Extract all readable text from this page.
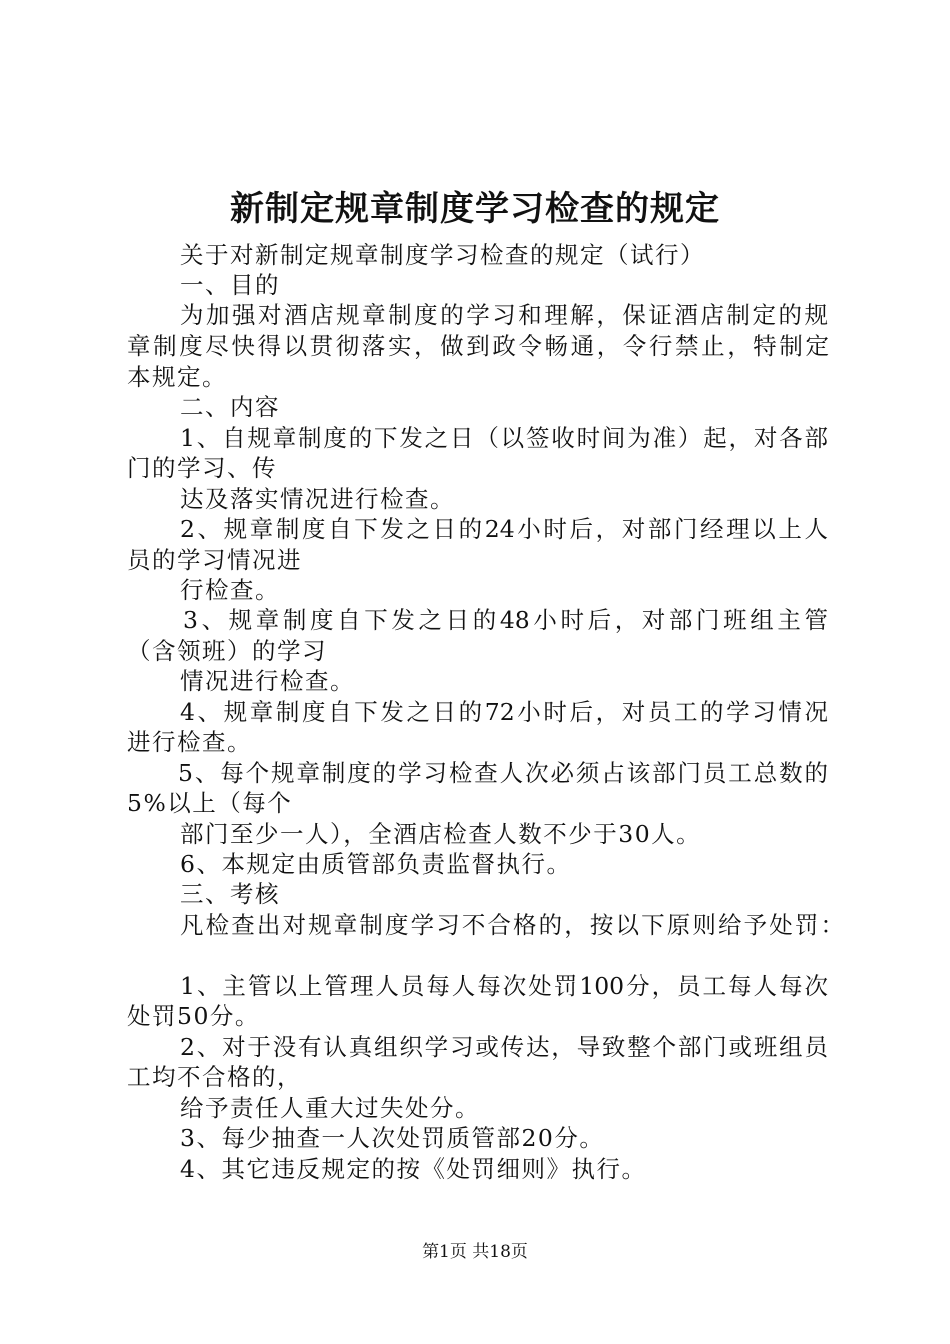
新制定规章制度学习检查的规定
关于对新制定规章制度学习检查的规定（试行）
一、目的
为加强对酒店规章制度的学习和理解，保证酒店制定的规
章制度尽快得以贯彻落实，做到政令畅通，令行禁止，特制定
本规定。
二、内容
1、自规章制度的下发之日（以签收时间为准）起，对各部
门的学习、传
达及落实情况进行检查。
2、规章制度自下发之日的24小时后，对部门经理以上人
员的学习情况进
行检查。
3、规章制度自下发之日的48小时后，对部门班组主管
（含领班）的学习
情况进行检查。
4、规章制度自下发之日的72小时后，对员工的学习情况
进行检查。
5、每个规章制度的学习检查人次必须占该部门员工总数的
5%以上（每个
部门至少一人），全酒店检查人数不少于30人。
6、本规定由质管部负责监督执行。
三、考核
凡检查出对规章制度学习不合格的，按以下原则给予处罚：
1、主管以上管理人员每人每次处罚100分，员工每人每次
处罚50分。
2、对于没有认真组织学习或传达，导致整个部门或班组员
工均不合格的，
给予责任人重大过失处分。
3、每少抽查一人次处罚质管部20分。
4、其它违反规定的按《处罚细则》执行。
第1页 共18页
